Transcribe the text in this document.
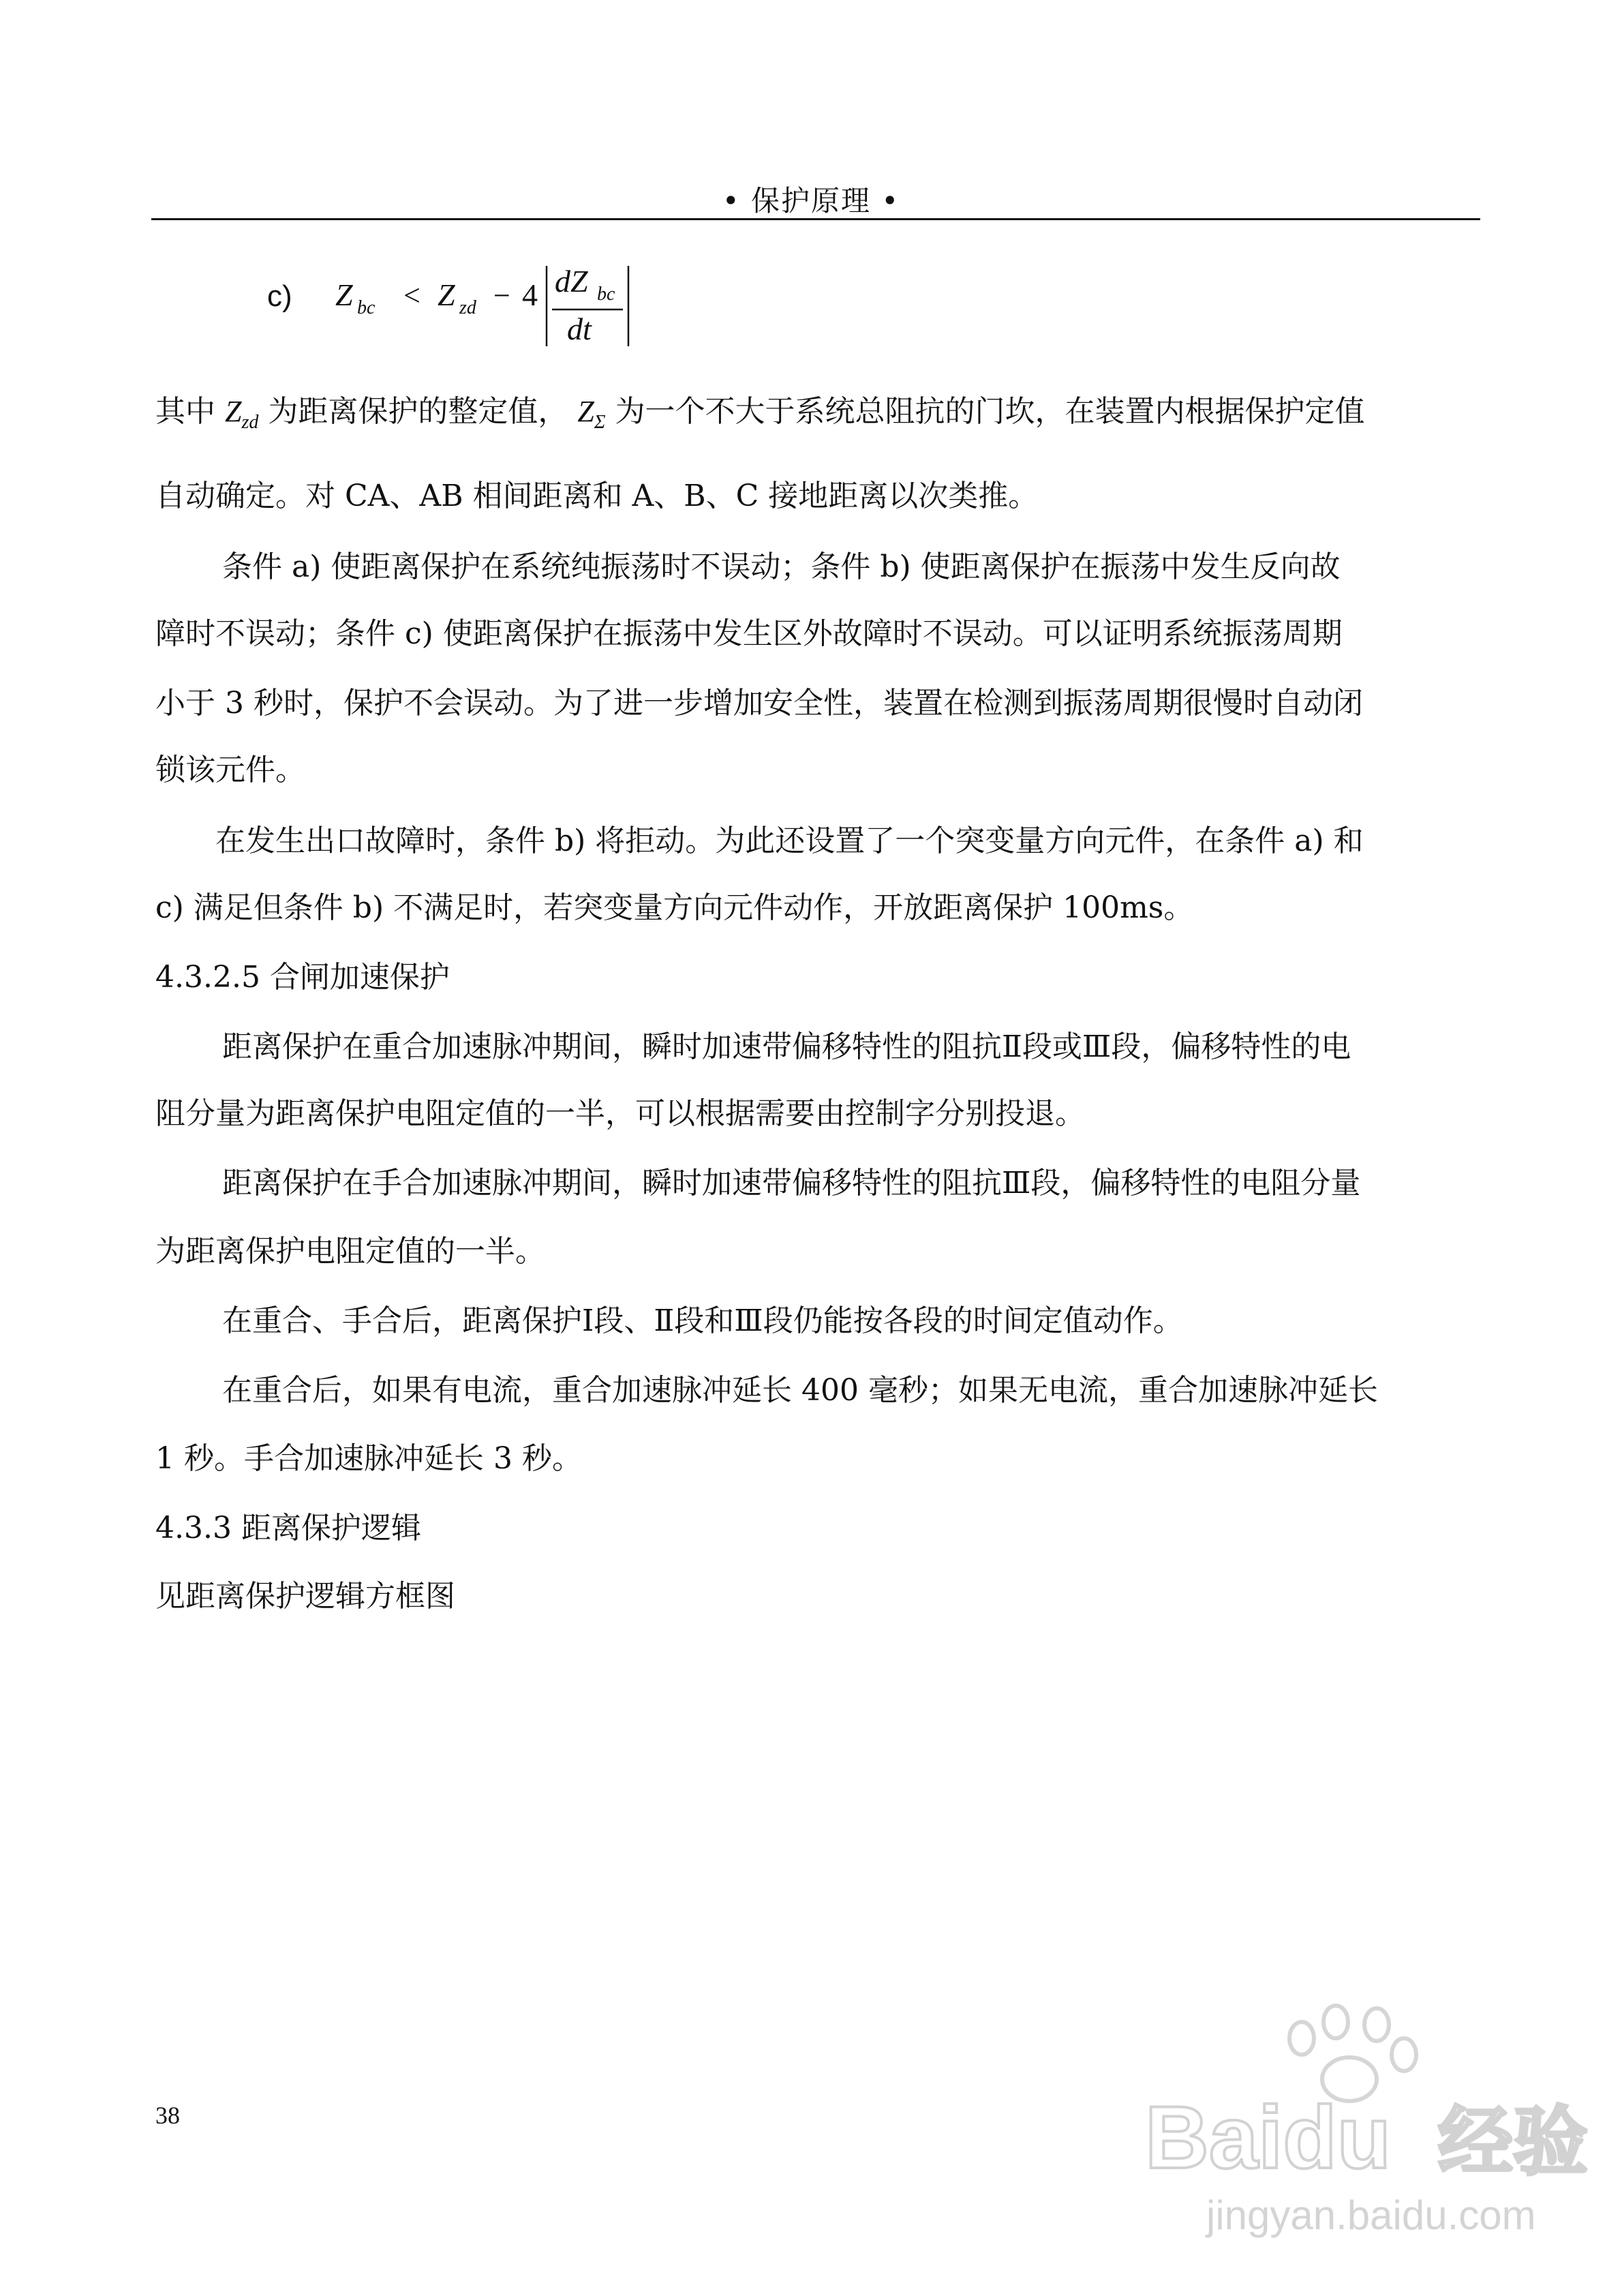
• 保护原理 •
c) Z bc < Z zd − 4 dZ bc
dt
其中 $Z_{zd}$ 为距离保护的整定值， $Z_\Sigma$ 为一个不大于系统总阻抗的门坎，在装置内根据保护定值
自动确定。对 CA、AB 相间距离和 A、B、C 接地距离以次类推。
条件 a) 使距离保护在系统纯振荡时不误动；条件 b) 使距离保护在振荡中发生反向故
障时不误动；条件 c) 使距离保护在振荡中发生区外故障时不误动。可以证明系统振荡周期
小于 3 秒时，保护不会误动。为了进一步增加安全性，装置在检测到振荡周期很慢时自动闭
锁该元件。
在发生出口故障时，条件 b) 将拒动。为此还设置了一个突变量方向元件，在条件 a) 和
c) 满足但条件 b) 不满足时，若突变量方向元件动作，开放距离保护 100ms。
4.3.2.5 合闸加速保护
距离保护在重合加速脉冲期间，瞬时加速带偏移特性的阻抗Ⅱ段或Ⅲ段，偏移特性的电
阻分量为距离保护电阻定值的一半，可以根据需要由控制字分别投退。
距离保护在手合加速脉冲期间，瞬时加速带偏移特性的阻抗Ⅲ段，偏移特性的电阻分量
为距离保护电阻定值的一半。
在重合、手合后，距离保护Ⅰ段、Ⅱ段和Ⅲ段仍能按各段的时间定值动作。
在重合后，如果有电流，重合加速脉冲延长 400 毫秒；如果无电流，重合加速脉冲延长
1 秒。手合加速脉冲延长 3 秒。
4.3.3 距离保护逻辑
见距离保护逻辑方框图
38	Baidu 经验
jingyan.baidu.com
